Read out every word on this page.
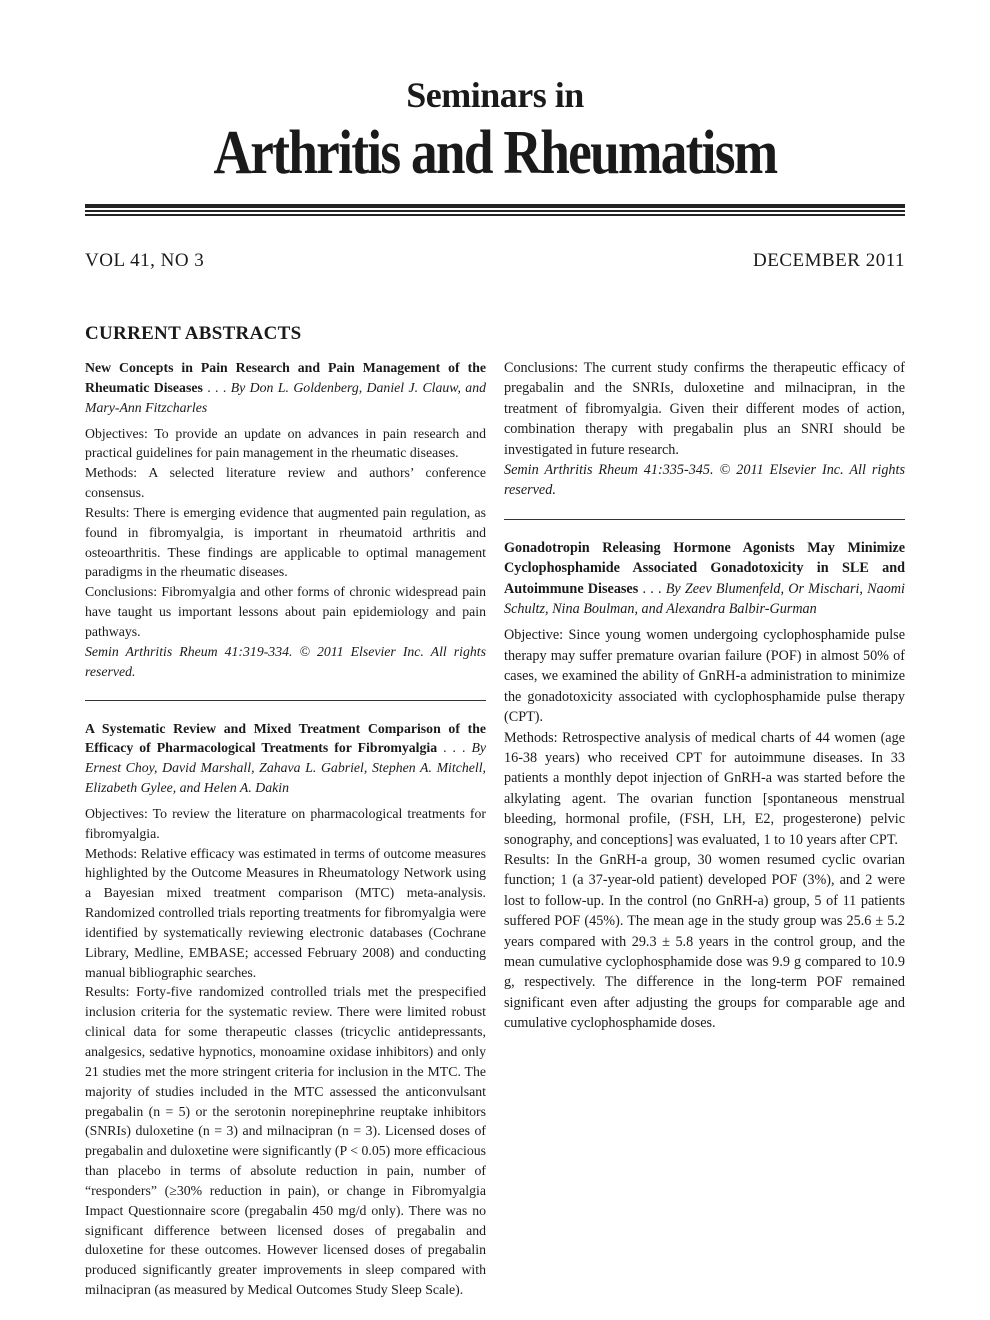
Seminars in
Arthritis and Rheumatism
VOL 41, NO 3	DECEMBER 2011
CURRENT ABSTRACTS

New Concepts in Pain Research and Pain Management of the Rheumatic Diseases . . . By Don L. Goldenberg, Daniel J. Clauw, and Mary-Ann Fitzcharles

Objectives: To provide an update on advances in pain research and practical guidelines for pain management in the rheumatic diseases.

Methods: A selected literature review and authors’ conference consensus.

Results: There is emerging evidence that augmented pain regulation, as found in fibromyalgia, is important in rheumatoid arthritis and osteoarthritis. These findings are applicable to optimal management paradigms in the rheumatic diseases.

Conclusions: Fibromyalgia and other forms of chronic widespread pain have taught us important lessons about pain epidemiology and pain pathways.

Semin Arthritis Rheum 41:319-334. © 2011 Elsevier Inc. All rights reserved.

A Systematic Review and Mixed Treatment Comparison of the Efficacy of Pharmacological Treatments for Fibromyalgia . . . By Ernest Choy, David Marshall, Zahava L. Gabriel, Stephen A. Mitchell, Elizabeth Gylee, and Helen A. Dakin

Objectives: To review the literature on pharmacological treatments for fibromyalgia.

Methods: Relative efficacy was estimated in terms of outcome measures highlighted by the Outcome Measures in Rheumatology Network using a Bayesian mixed treatment comparison (MTC) meta-analysis. Randomized controlled trials reporting treatments for fibromyalgia were identified by systematically reviewing electronic databases (Cochrane Library, Medline, EMBASE; accessed February 2008) and conducting manual bibliographic searches.

Results: Forty-five randomized controlled trials met the prespecified inclusion criteria for the systematic review. There were limited robust clinical data for some therapeutic classes (tricyclic antidepressants, analgesics, sedative hypnotics, monoamine oxidase inhibitors) and only 21 studies met the more stringent criteria for inclusion in the MTC. The majority of studies included in the MTC assessed the anticonvulsant pregabalin (n = 5) or the serotonin norepinephrine reuptake inhibitors (SNRIs) duloxetine (n = 3) and milnacipran (n = 3). Licensed doses of pregabalin and duloxetine were significantly (P < 0.05) more efficacious than placebo in terms of absolute reduction in pain, number of “responders” (≥30% reduction in pain), or change in Fibromyalgia Impact Questionnaire score (pregabalin 450 mg/d only). There was no significant difference between licensed doses of pregabalin and duloxetine for these outcomes. However licensed doses of pregabalin produced significantly greater improvements in sleep compared with milnacipran (as measured by Medical Outcomes Study Sleep Scale).

Conclusions: The current study confirms the therapeutic efficacy of pregabalin and the SNRIs, duloxetine and milnacipran, in the treatment of fibromyalgia. Given their different modes of action, combination therapy with pregabalin plus an SNRI should be investigated in future research.

Semin Arthritis Rheum 41:335-345. © 2011 Elsevier Inc. All rights reserved.

Gonadotropin Releasing Hormone Agonists May Minimize Cyclophosphamide Associated Gonadotoxicity in SLE and Autoimmune Diseases . . . By Zeev Blumenfeld, Or Mischari, Naomi Schultz, Nina Boulman, and Alexandra Balbir-Gurman

Objective: Since young women undergoing cyclophosphamide pulse therapy may suffer premature ovarian failure (POF) in almost 50% of cases, we examined the ability of GnRH-a administration to minimize the gonadotoxicity associated with cyclophosphamide pulse therapy (CPT).

Methods: Retrospective analysis of medical charts of 44 women (age 16-38 years) who received CPT for autoimmune diseases. In 33 patients a monthly depot injection of GnRH-a was started before the alkylating agent. The ovarian function [spontaneous menstrual bleeding, hormonal profile, (FSH, LH, E2, progesterone) pelvic sonography, and conceptions] was evaluated, 1 to 10 years after CPT.

Results: In the GnRH-a group, 30 women resumed cyclic ovarian function; 1 (a 37-year-old patient) developed POF (3%), and 2 were lost to follow-up. In the control (no GnRH-a) group, 5 of 11 patients suffered POF (45%). The mean age in the study group was 25.6 ± 5.2 years compared with 29.3 ± 5.8 years in the control group, and the mean cumulative cyclophosphamide dose was 9.9 g compared to 10.9 g, respectively. The difference in the long-term POF remained significant even after adjusting the groups for comparable age and cumulative cyclophosphamide doses.
